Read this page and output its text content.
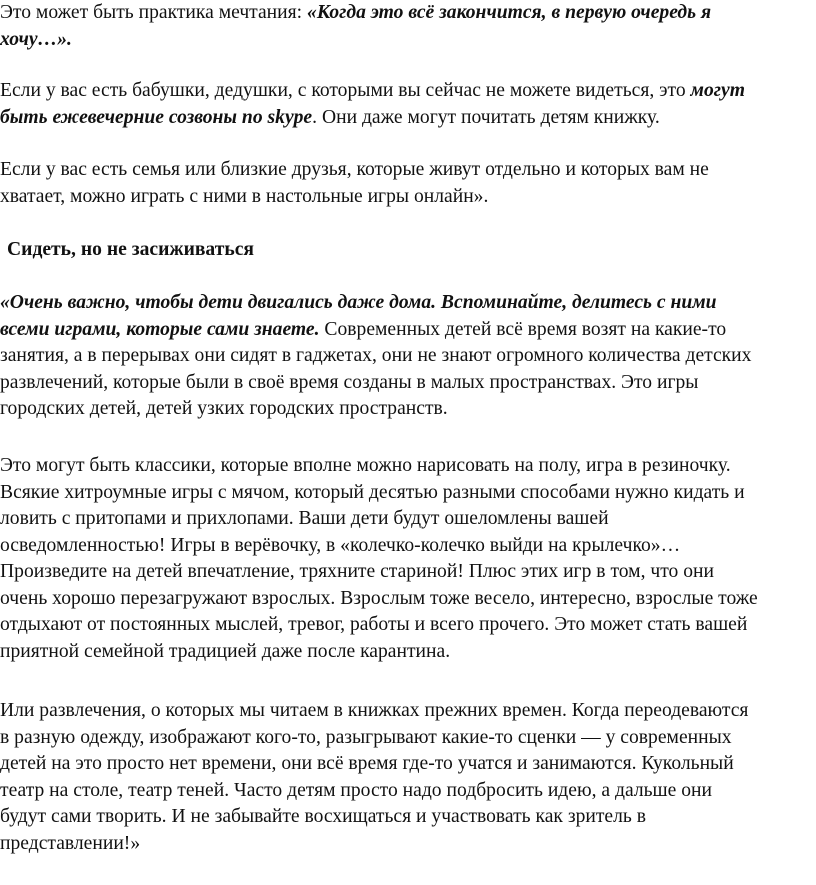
Это может быть практика мечтания: «Когда это всё закончится, в первую очередь я
хочу…».
Если у вас есть бабушки, дедушки, с которыми вы сейчас не можете видеться, это могут
быть ежевечерние созвоны по skype. Они даже могут почитать детям книжку.
Если у вас есть семья или близкие друзья, которые живут отдельно и которых вам не
хватает, можно играть с ними в настольные игры онлайн».
Сидеть, но не засиживаться
«Очень важно, чтобы дети двигались даже дома. Вспоминайте, делитесь с ними
всеми играми, которые сами знаете. Современных детей всё время возят на какие-то
занятия, а в перерывах они сидят в гаджетах, они не знают огромного количества детских
развлечений, которые были в своё время созданы в малых пространствах. Это игры
городских детей, детей узких городских пространств.
Это могут быть классики, которые вполне можно нарисовать на полу, игра в резиночку.
Всякие хитроумные игры с мячом, который десятью разными способами нужно кидать и
ловить с притопами и прихлопами. Ваши дети будут ошеломлены вашей
осведомленностью! Игры в верёвочку, в «колечко-колечко выйди на крылечко»…
Произведите на детей впечатление, тряхните стариной! Плюс этих игр в том, что они
очень хорошо перезагружают взрослых. Взрослым тоже весело, интересно, взрослые тоже
отдыхают от постоянных мыслей, тревог, работы и всего прочего. Это может стать вашей
приятной семейной традицией даже после карантина.
Или развлечения, о которых мы читаем в книжках прежних времен. Когда переодеваются
в разную одежду, изображают кого-то, разыгрывают какие-то сценки — у современных
детей на это просто нет времени, они всё время где-то учатся и занимаются. Кукольный
театр на столе, театр теней. Часто детям просто надо подбросить идею, а дальше они
будут сами творить. И не забывайте восхищаться и участвовать как зритель в
представлении!»
